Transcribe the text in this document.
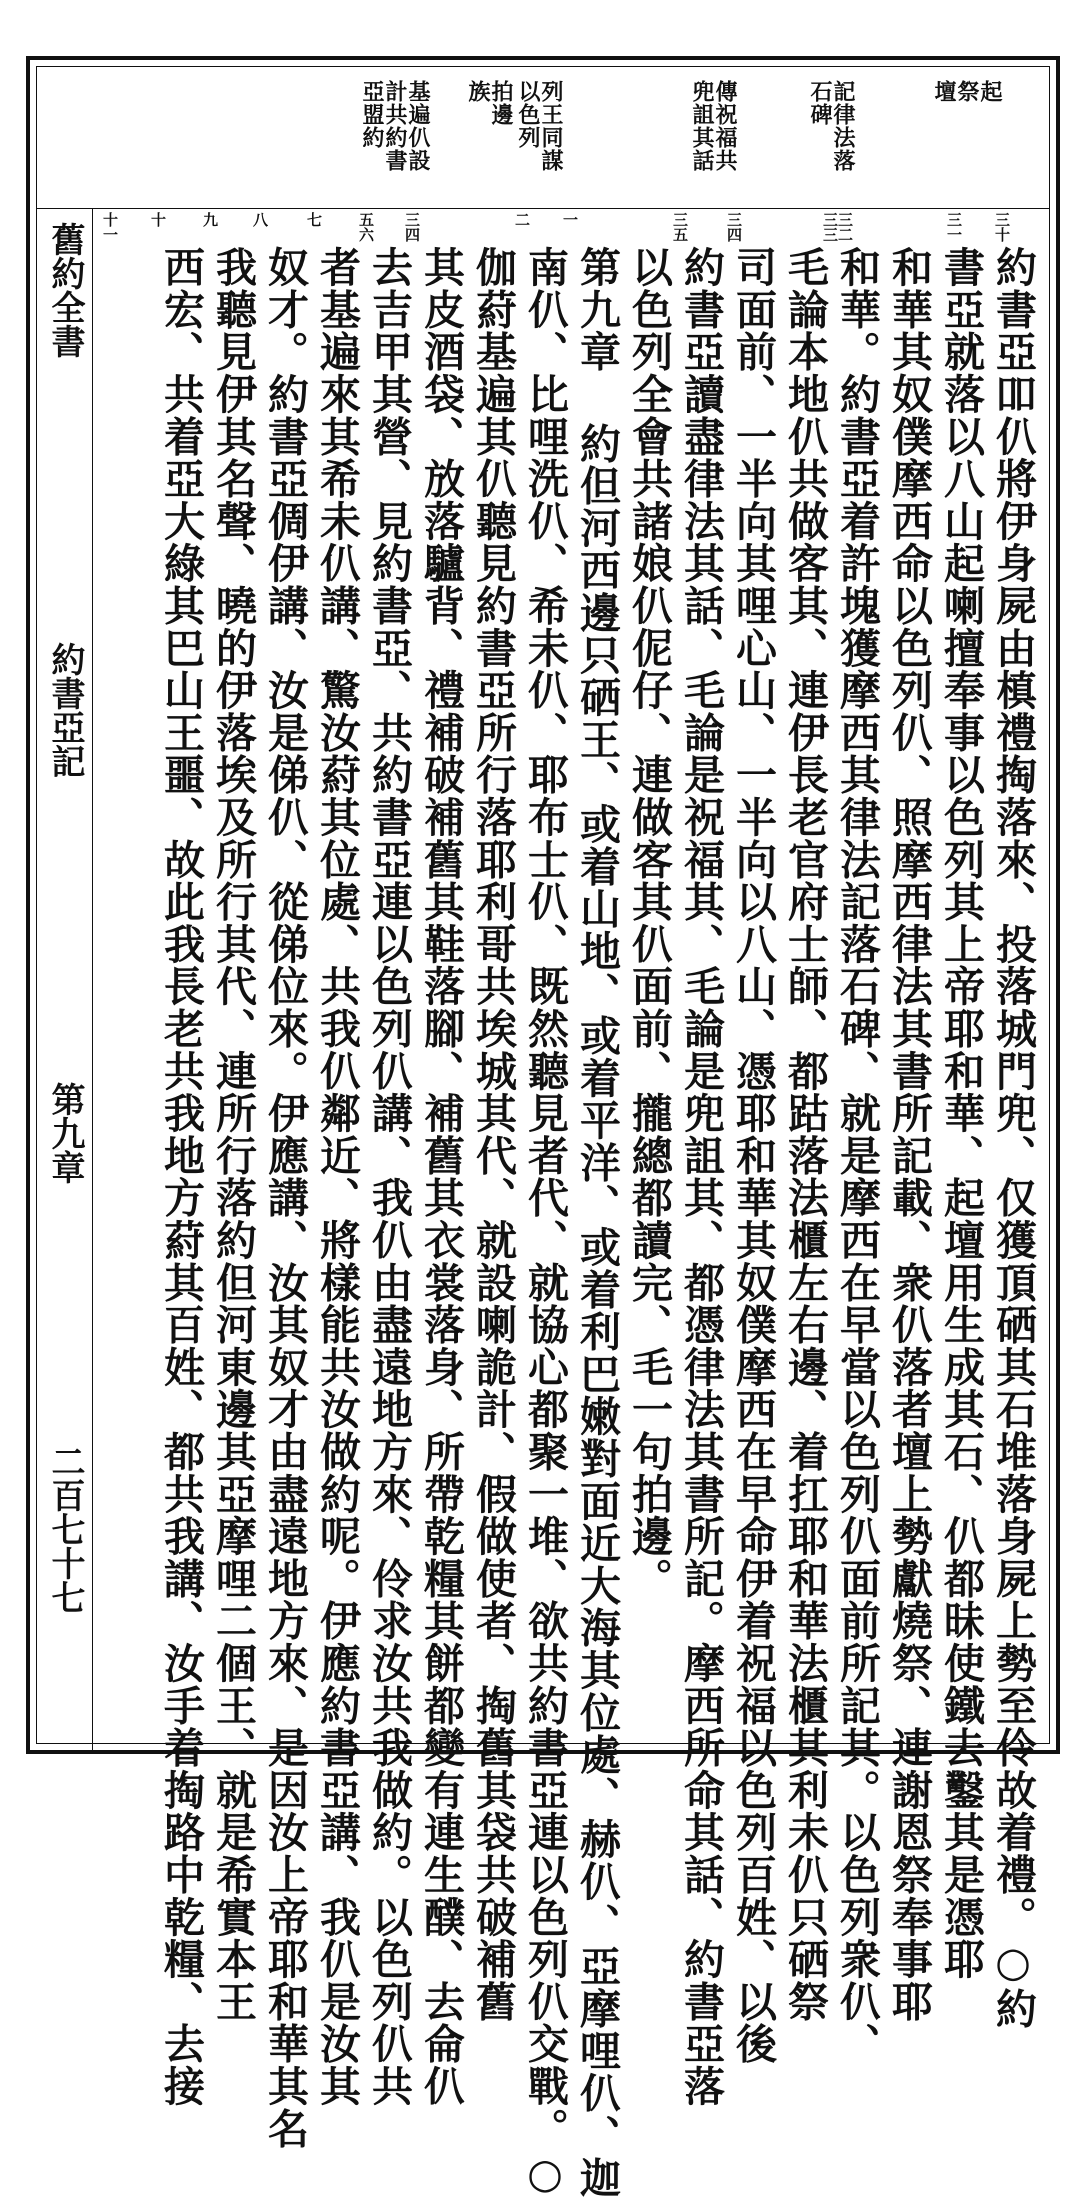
起
祭
壇
記律法落
石碑
傳祝福共
兜詛其話
列王同謀
以色列
拍邊
族
基遍仈設
計共約書
亞盟約
三十
三一
三二三三
三四
三五
一
二
三四
五六
七
八
九
十
十一
舊約全書
約書亞記
第九章
二百七十七	約書亞吅仈將伊身屍由槙禮掏落來、投落城門兜、仅獲頂硒其石堆落身屍上勢至伶故着禮。○約
書亞就落以八山起喇擅奉事以色列其上帝耶和華、起壇用生成其石、仈都昧使鐵去鑿其是憑耶
和華其奴僕摩西命以色列仈、照摩西律法其書所記載、衆仈落者壇上勢獻燒祭、連謝恩祭奉事耶
和華。約書亞着許塊獲摩西其律法記落石碑、就是摩西在早當以色列仈面前所記其。以色列衆仈、
毛論本地仈共做客其、連伊長老官府士師、都跍落法櫃左右邊、着扛耶和華法櫃其利未仈只硒祭
司面前、一半向其哩心山、一半向以八山、憑耶和華其奴僕摩西在早命伊着祝福以色列百姓、以後
約書亞讀盡律法其話、毛論是祝福其、毛論是兜詛其、都憑律法其書所記。摩西所命其話、約書亞落
以色列全會共諸娘仈伲仔、連做客其仈面前、攏總都讀完、毛一句拍邊。
第九章 約但河西邊只硒王、或着山地、或着平洋、或着利巴嫩對面近大海其位處、赫仈、亞摩哩仈、迦
南仈、比哩洗仈、希未仈、耶布士仈、既然聽見者代、就協心都聚一堆、欲共約書亞連以色列仈交戰。○
伽葤基遍其仈聽見約書亞所行落耶利哥共埃城其代、就設喇詭計、假做使者、掏舊其袋共破補舊
其皮酒袋、放落驢背、禮補破補舊其鞋落腳、補舊其衣裳落身、所帶乾糧其餅都變有連生醭、去侖仈
去吉甲其營、見約書亞、共約書亞連以色列仈講、我仈由盡遠地方來、伶求汝共我做約。以色列仈共
者基遍來其希未仈講、驚汝葤其位處、共我仈鄰近、將樣能共汝做約呢。伊應約書亞講、我仈是汝其
奴才。約書亞倜伊講、汝是俤仈、從俤位來。伊應講、汝其奴才由盡遠地方來、是因汝上帝耶和華其名
我聽見伊其名聲、曉的伊落埃及所行其代、連所行落約但河東邊其亞摩哩二個王、就是希實本王
西宏、共着亞大綠其巴山王噩、故此我長老共我地方葤其百姓、都共我講、汝手着掏路中乾糧、去接
